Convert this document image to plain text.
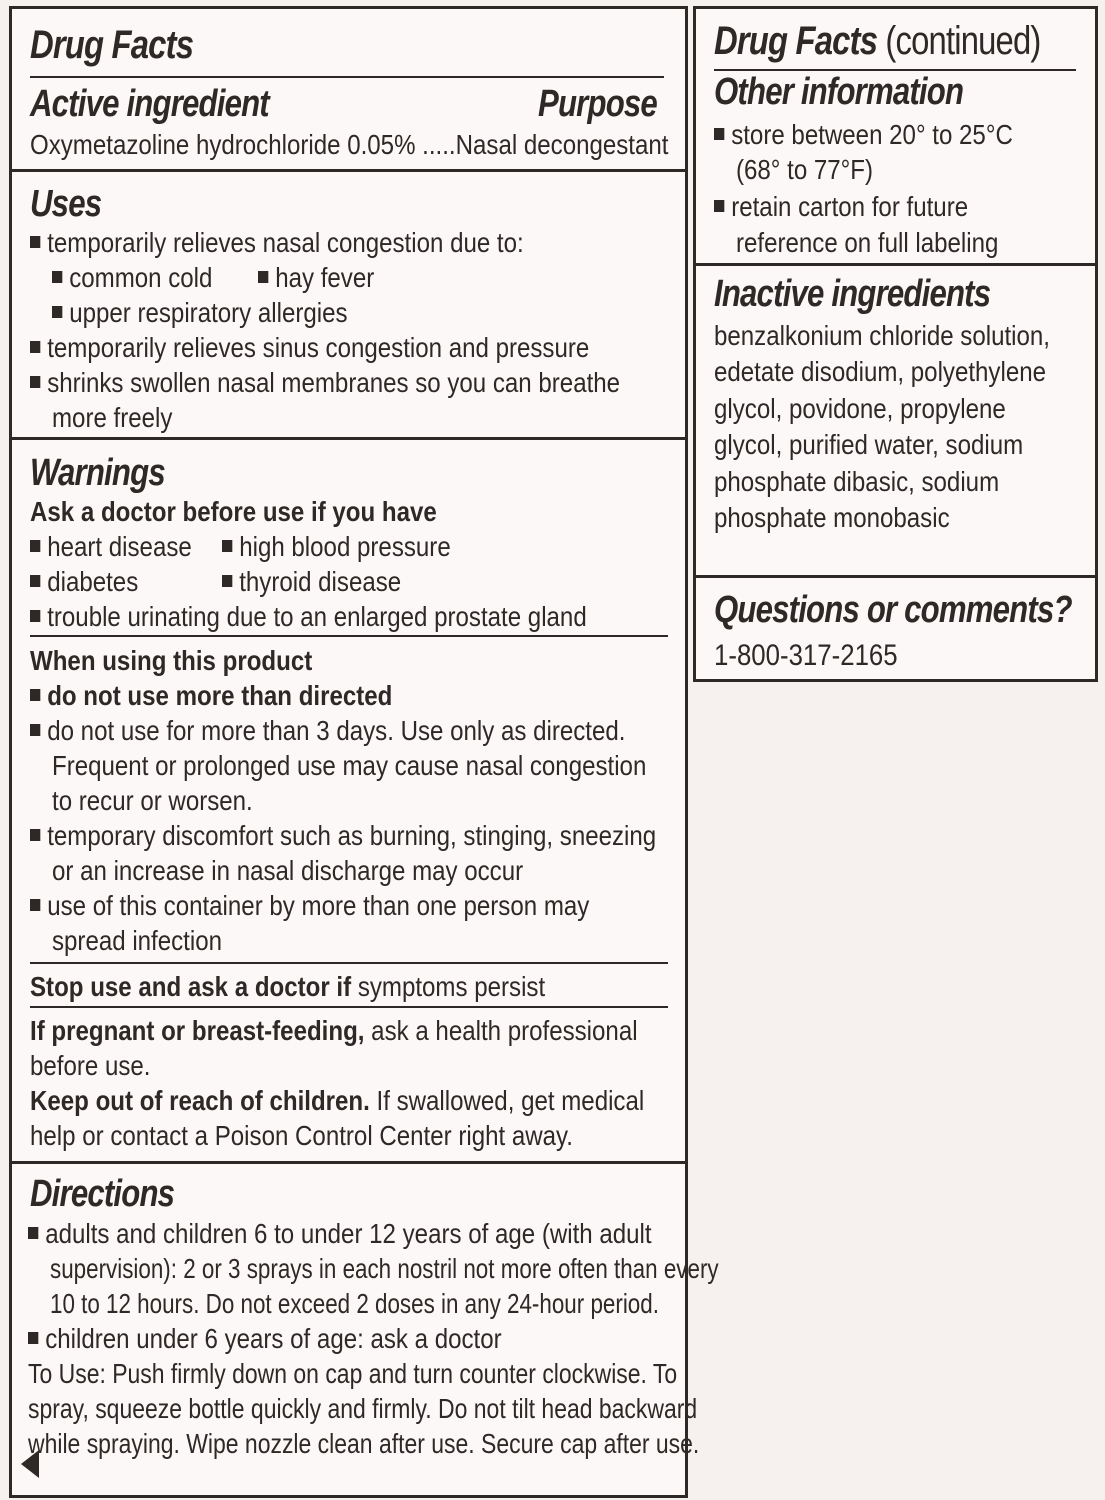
Drug Facts
Active ingredient	Purpose
Oxymetazoline hydrochloride 0.05% .....Nasal decongestant
Uses
temporarily relieves nasal congestion due to:
common cold	hay fever
upper respiratory allergies
temporarily relieves sinus congestion and pressure
shrinks swollen nasal membranes so you can breathe
more freely
Warnings
Ask a doctor before use if you have
heart disease	high blood pressure
diabetes	thyroid disease
trouble urinating due to an enlarged prostate gland
When using this product
do not use more than directed
do not use for more than 3 days. Use only as directed.
Frequent or prolonged use may cause nasal congestion
to recur or worsen.
temporary discomfort such as burning, stinging, sneezing
or an increase in nasal discharge may occur
use of this container by more than one person may
spread infection
Stop use and ask a doctor if symptoms persist
If pregnant or breast-feeding, ask a health professional
before use.
Keep out of reach of children. If swallowed, get medical
help or contact a Poison Control Center right away.
Directions
adults and children 6 to under 12 years of age (with adult
supervision): 2 or 3 sprays in each nostril not more often than every
10 to 12 hours. Do not exceed 2 doses in any 24-hour period.
children under 6 years of age: ask a doctor
To Use: Push firmly down on cap and turn counter clockwise. To
spray, squeeze bottle quickly and firmly. Do not tilt head backward
while spraying. Wipe nozzle clean after use. Secure cap after use.
Drug Facts (continued)
Other information
store between 20° to 25°C
(68° to 77°F)
retain carton for future
reference on full labeling
Inactive ingredients
benzalkonium chloride solution,
edetate disodium, polyethylene
glycol, povidone, propylene
glycol, purified water, sodium
phosphate dibasic, sodium
phosphate monobasic
Questions or comments?
1-800-317-2165
